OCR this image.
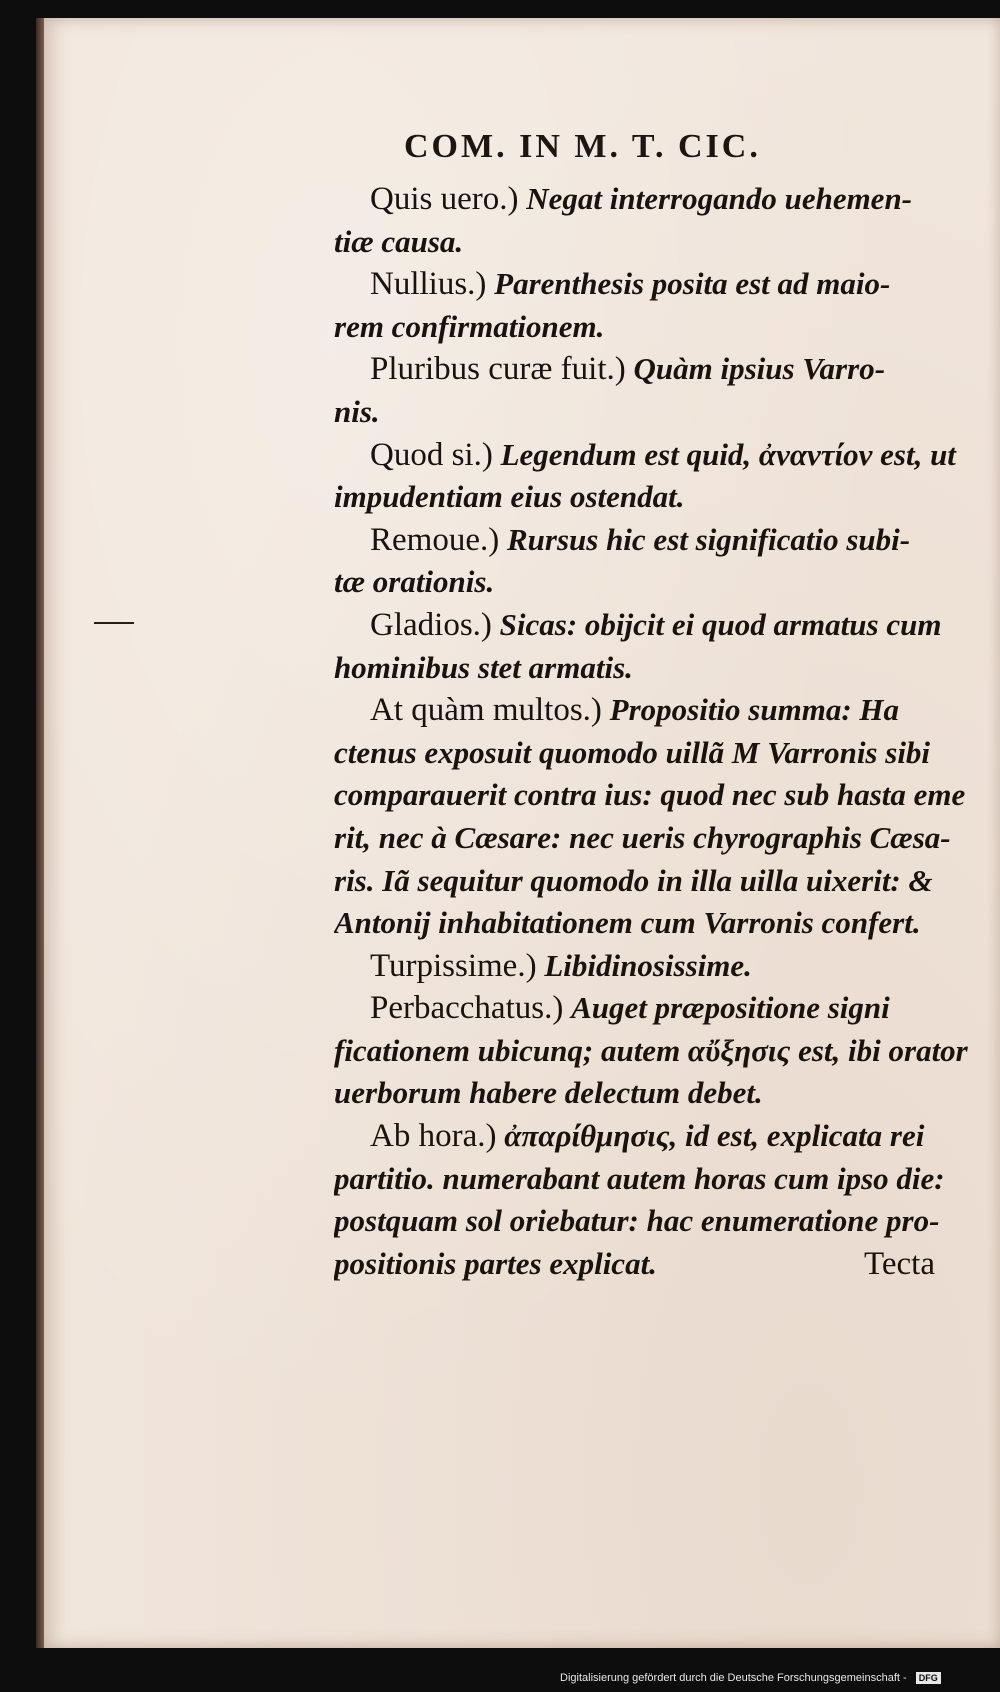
COM. IN M. T. CIC.
Quis uero.) Negat interrogando uehemen-
tiæ causa.
Nullius.) Parenthesis posita est ad maio-
rem confirmationem.
Pluribus curæ fuit.) Quàm ipsius Varro-
nis.
Quod si.) Legendum est quid, ἀναντίον est, ut
impudentiam eius ostendat.
Remoue.) Rursus hic est significatio subi-
tæ orationis.
Gladios.) Sicas: obijcit ei quod armatus cum
hominibus stet armatis.
At quàm multos.) Propositio summa: Ha
ctenus exposuit quomodo uillã M Varronis sibi
comparauerit contra ius: quod nec sub hasta eme
rit, nec à Cæsare: nec ueris chyrographis Cæsa-
ris. Iã sequitur quomodo in illa uilla uixerit: &
Antonij inhabitationem cum Varronis confert.
Turpissime.) Libidinosissime.
Perbacchatus.) Auget præpositione signi
ficationem ubicunq; autem αὔξησις est, ibi orator
uerborum habere delectum debet.
Ab hora.) ἀπαρίθμησις, id est, explicata rei
partitio. numerabant autem horas cum ipso die:
postquam sol oriebatur: hac enumeratione pro-
positionis partes explicat.	Tecta
Digitalisierung gefördert durch die Deutsche Forschungsgemeinschaft - DFG
